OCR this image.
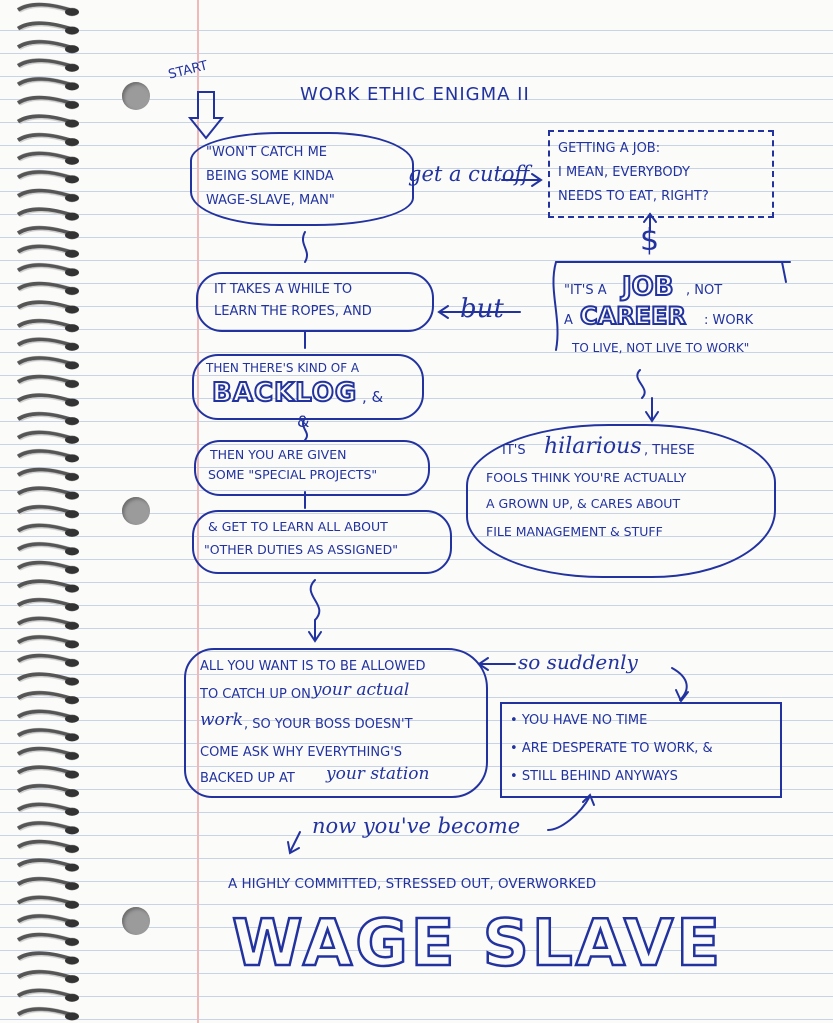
WORK ETHIC ENIGMA II
START
"WON'T CATCH ME
BEING SOME KINDA
WAGE-SLAVE, MAN"
get a cutoff
IT TAKES A WHILE TO
LEARN THE ROPES, AND
THEN THERE'S KIND OF A
BACKLOG , &
&
THEN YOU ARE GIVEN
SOME "SPECIAL PROJECTS"
& GET TO LEARN ALL ABOUT
"OTHER DUTIES AS ASSIGNED"
GETTING A JOB:
I MEAN, EVERYBODY
NEEDS TO EAT, RIGHT?
$
"IT'S A JOB , NOT
A CAREER : WORK
TO LIVE, NOT LIVE TO WORK"
but
IT'S hilarious , THESE
FOOLS THINK YOU'RE ACTUALLY
A GROWN UP, & CARES ABOUT
FILE MANAGEMENT & STUFF
ALL YOU WANT IS TO BE ALLOWED
TO CATCH UP ON your actual
work , SO YOUR BOSS DOESN'T
COME ASK WHY EVERYTHING'S
BACKED UP AT your station
so suddenly
• YOU HAVE NO TIME
• ARE DESPERATE TO WORK, &
• STILL BEHIND ANYWAYS
now you've become
A HIGHLY COMMITTED, STRESSED OUT, OVERWORKED
WAGE SLAVE
